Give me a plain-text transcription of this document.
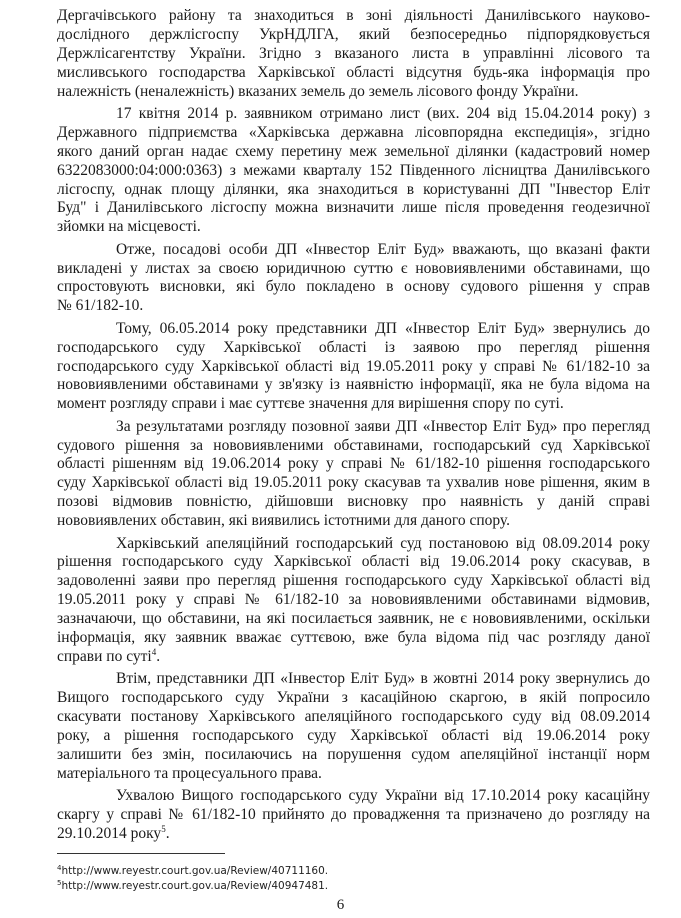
Дергачівського району та знаходиться в зоні діяльності Данилівського науково-
дослідного держлісгоспу УкрНДЛГА, який безпосередньо підпорядковується
Держлісагентству України. Згідно з вказаного листа в управлінні лісового та
мисливського господарства Харківської області відсутня будь-яка інформація про
належність (неналежність) вказаних земель до земель лісового фонду України.
17 квітня 2014 р. заявником отримано лист (вих. 204 від 15.04.2014 року) з
Державного підприємства «Харківська державна лісовпорядна експедиція», згідно
якого даний орган надає схему перетину меж земельної ділянки (кадастровий номер
6322083000:04:000:0363) з межами кварталу 152 Південного лісництва Данилівського
лісгоспу, однак площу ділянки, яка знаходиться в користуванні ДП "Інвестор Еліт
Буд" і Данилівського лісгоспу можна визначити лише після проведення геодезичної
зйомки на місцевості.
Отже, посадові особи ДП «Інвестор Еліт Буд» вважають, що вказані факти
викладені у листах за своєю юридичною суттю є нововиявленими обставинами, що
спростовують висновки, які було покладено в основу судового рішення у справ
№ 61/182-10.
Тому, 06.05.2014 року представники ДП «Інвестор Еліт Буд» звернулись до
господарського суду Харківської області із заявою про перегляд рішення
господарського суду Харківської області від 19.05.2011 року у справі № 61/182-10 за
нововиявленими обставинами у зв'язку із наявністю інформації, яка не була відома на
момент розгляду справи і має суттєве значення для вирішення спору по суті.
За результатами розгляду позовної заяви ДП «Інвестор Еліт Буд» про перегляд
судового рішення за нововиявленими обставинами, господарський суд Харківської
області рішенням від 19.06.2014 року у справі № 61/182-10 рішення господарського
суду Харківської області від 19.05.2011 року скасував та ухвалив нове рішення, яким в
позові відмовив повністю, дійшовши висновку про наявність у даній справі
нововиявлених обставин, які виявились істотними для даного спору.
Харківський апеляційний господарський суд постановою від 08.09.2014 року
рішення господарського суду Харківської області від 19.06.2014 року скасував, в
задоволенні заяви про перегляд рішення господарського суду Харківської області від
19.05.2011 року у справі № 61/182-10 за нововиявленими обставинами відмовив,
зазначаючи, що обставини, на які посилається заявник, не є нововиявленими, оскільки
інформація, яку заявник вважає суттєвою, вже була відома під час розгляду даної
справи по суті$^4$.
Втім, представники ДП «Інвестор Еліт Буд» в жовтні 2014 року звернулись до
Вищого господарського суду України з касаційною скаргою, в якій попросило
скасувати постанову Харківського апеляційного господарського суду від 08.09.2014
року, а рішення господарського суду Харківської області від 19.06.2014 року
залишити без змін, посилаючись на порушення судом апеляційної інстанції норм
матеріального та процесуального права.
Ухвалою Вищого господарського суду України від 17.10.2014 року касаційну
скаргу у справі № 61/182-10 прийнято до провадження та призначено до розгляду на
29.10.2014 року$^5$.
$^4$http://www.reyestr.court.gov.ua/Review/40711160.
$^5$http://www.reyestr.court.gov.ua/Review/40947481.
6
